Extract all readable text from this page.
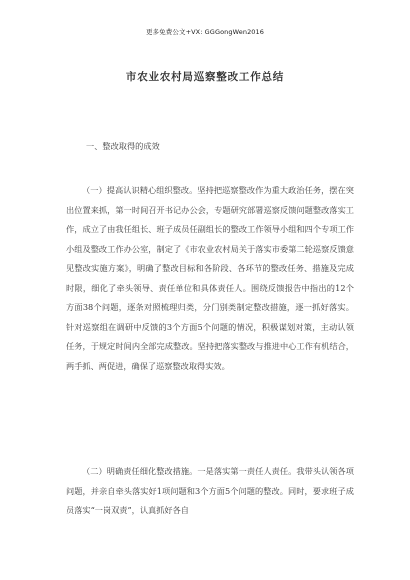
更多免费公文+VX: GGGongWen2016
市农业农村局巡察整改工作总结
一、整改取得的成效

（一）提高认识精心组织整改。坚持把巡察整改作为重大政治任务，摆在突出位置来抓，第一时间召开书记办公会，专题研究部署巡察反馈问题整改落实工作，成立了由我任组长、班子成员任副组长的整改工作领导小组和四个专项工作小组及整改工作办公室，制定了《市农业农村局关于落实市委第二轮巡察反馈意见整改实施方案》，明确了整改目标和各阶段、各环节的整改任务、措施及完成时限，细化了牵头领导、责任单位和具体责任人。围绕反馈报告中指出的12个方面38个问题，逐条对照梳理归类，分门别类制定整改措施，逐一抓好落实。针对巡察组在调研中反馈的3个方面5个问题的情况，积极谋划对策，主动认领任务，于规定时间内全部完成整改。坚持把落实整改与推进中心工作有机结合，两手抓、两促进，确保了巡察整改取得实效。

（二）明确责任细化整改措施。一是落实第一责任人责任。我带头认领各项问题，并亲自牵头落实好1项问题和3个方面5个问题的整改。同时，要求班子成员落实“一岗双责”，认真抓好各自
